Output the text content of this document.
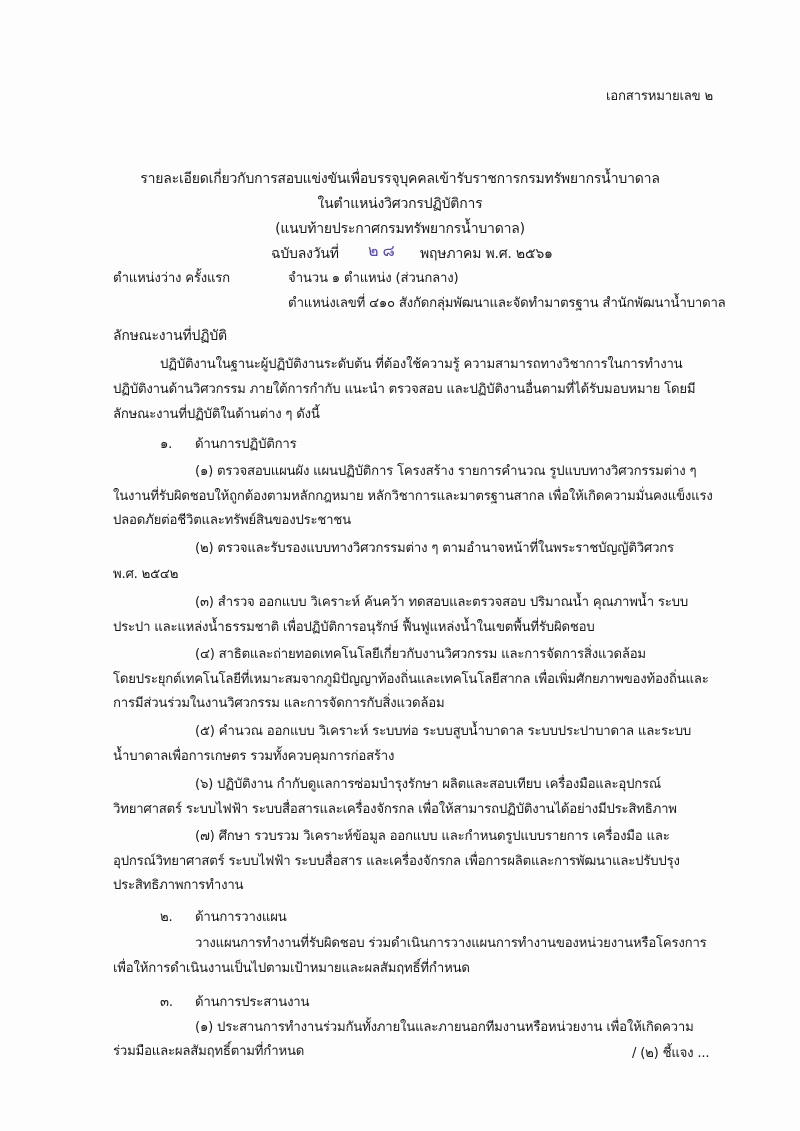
เอกสารหมายเลข ๒
รายละเอียดเกี่ยวกับการสอบแข่งขันเพื่อบรรจุบุคคลเข้ารับราชการกรมทรัพยากรน้ำบาดาล
ในตำแหน่งวิศวกรปฏิบัติการ
(แนบท้ายประกาศกรมทรัพยากรน้ำบาดาล)
ฉบับลงวันที่ ๒๘ พฤษภาคม พ.ศ. ๒๕๖๑
ตำแหน่งว่าง ครั้งแรก	จำนวน ๑ ตำแหน่ง (ส่วนกลาง)
ตำแหน่งเลขที่ ๔๑๐ สังกัดกลุ่มพัฒนาและจัดทำมาตรฐาน สำนักพัฒนาน้ำบาดาล
ลักษณะงานที่ปฏิบัติ
ปฏิบัติงานในฐานะผู้ปฏิบัติงานระดับต้น ที่ต้องใช้ความรู้ ความสามารถทางวิชาการในการทำงาน
ปฏิบัติงานด้านวิศวกรรม ภายใต้การกำกับ แนะนำ ตรวจสอบ และปฏิบัติงานอื่นตามที่ได้รับมอบหมาย โดยมี
ลักษณะงานที่ปฏิบัติในด้านต่าง ๆ ดังนี้
๑. ด้านการปฏิบัติการ
(๑) ตรวจสอบแผนผัง แผนปฏิบัติการ โครงสร้าง รายการคำนวณ รูปแบบทางวิศวกรรมต่าง ๆ
ในงานที่รับผิดชอบให้ถูกต้องตามหลักกฎหมาย หลักวิชาการและมาตรฐานสากล เพื่อให้เกิดความมั่นคงแข็งแรง
ปลอดภัยต่อชีวิตและทรัพย์สินของประชาชน
(๒) ตรวจและรับรองแบบทางวิศวกรรมต่าง ๆ ตามอำนาจหน้าที่ในพระราชบัญญัติวิศวกร
พ.ศ. ๒๕๔๒
(๓) สำรวจ ออกแบบ วิเคราะห์ ค้นคว้า ทดสอบและตรวจสอบ ปริมาณน้ำ คุณภาพน้ำ ระบบ
ประปา และแหล่งน้ำธรรมชาติ เพื่อปฏิบัติการอนุรักษ์ ฟื้นฟูแหล่งน้ำในเขตพื้นที่รับผิดชอบ
(๔) สาธิตและถ่ายทอดเทคโนโลยีเกี่ยวกับงานวิศวกรรม และการจัดการสิ่งแวดล้อม
โดยประยุกต์เทคโนโลยีที่เหมาะสมจากภูมิปัญญาท้องถิ่นและเทคโนโลยีสากล เพื่อเพิ่มศักยภาพของท้องถิ่นและ
การมีส่วนร่วมในงานวิศวกรรม และการจัดการกับสิ่งแวดล้อม
(๕) คำนวณ ออกแบบ วิเคราะห์ ระบบท่อ ระบบสูบน้ำบาดาล ระบบประปาบาดาล และระบบ
น้ำบาดาลเพื่อการเกษตร รวมทั้งควบคุมการก่อสร้าง
(๖) ปฏิบัติงาน กำกับดูแลการซ่อมบำรุงรักษา ผลิตและสอบเทียบ เครื่องมือและอุปกรณ์
วิทยาศาสตร์ ระบบไฟฟ้า ระบบสื่อสารและเครื่องจักรกล เพื่อให้สามารถปฏิบัติงานได้อย่างมีประสิทธิภาพ
(๗) ศึกษา รวบรวม วิเคราะห์ข้อมูล ออกแบบ และกำหนดรูปแบบรายการ เครื่องมือ และ
อุปกรณ์วิทยาศาสตร์ ระบบไฟฟ้า ระบบสื่อสาร และเครื่องจักรกล เพื่อการผลิตและการพัฒนาและปรับปรุง
ประสิทธิภาพการทำงาน
๒. ด้านการวางแผน
วางแผนการทำงานที่รับผิดชอบ ร่วมดำเนินการวางแผนการทำงานของหน่วยงานหรือโครงการ
เพื่อให้การดำเนินงานเป็นไปตามเป้าหมายและผลสัมฤทธิ์ที่กำหนด
๓. ด้านการประสานงาน
(๑) ประสานการทำงานร่วมกันทั้งภายในและภายนอกทีมงานหรือหน่วยงาน เพื่อให้เกิดความ
ร่วมมือและผลสัมฤทธิ์ตามที่กำหนด	/ (๒) ชี้แจง ...
